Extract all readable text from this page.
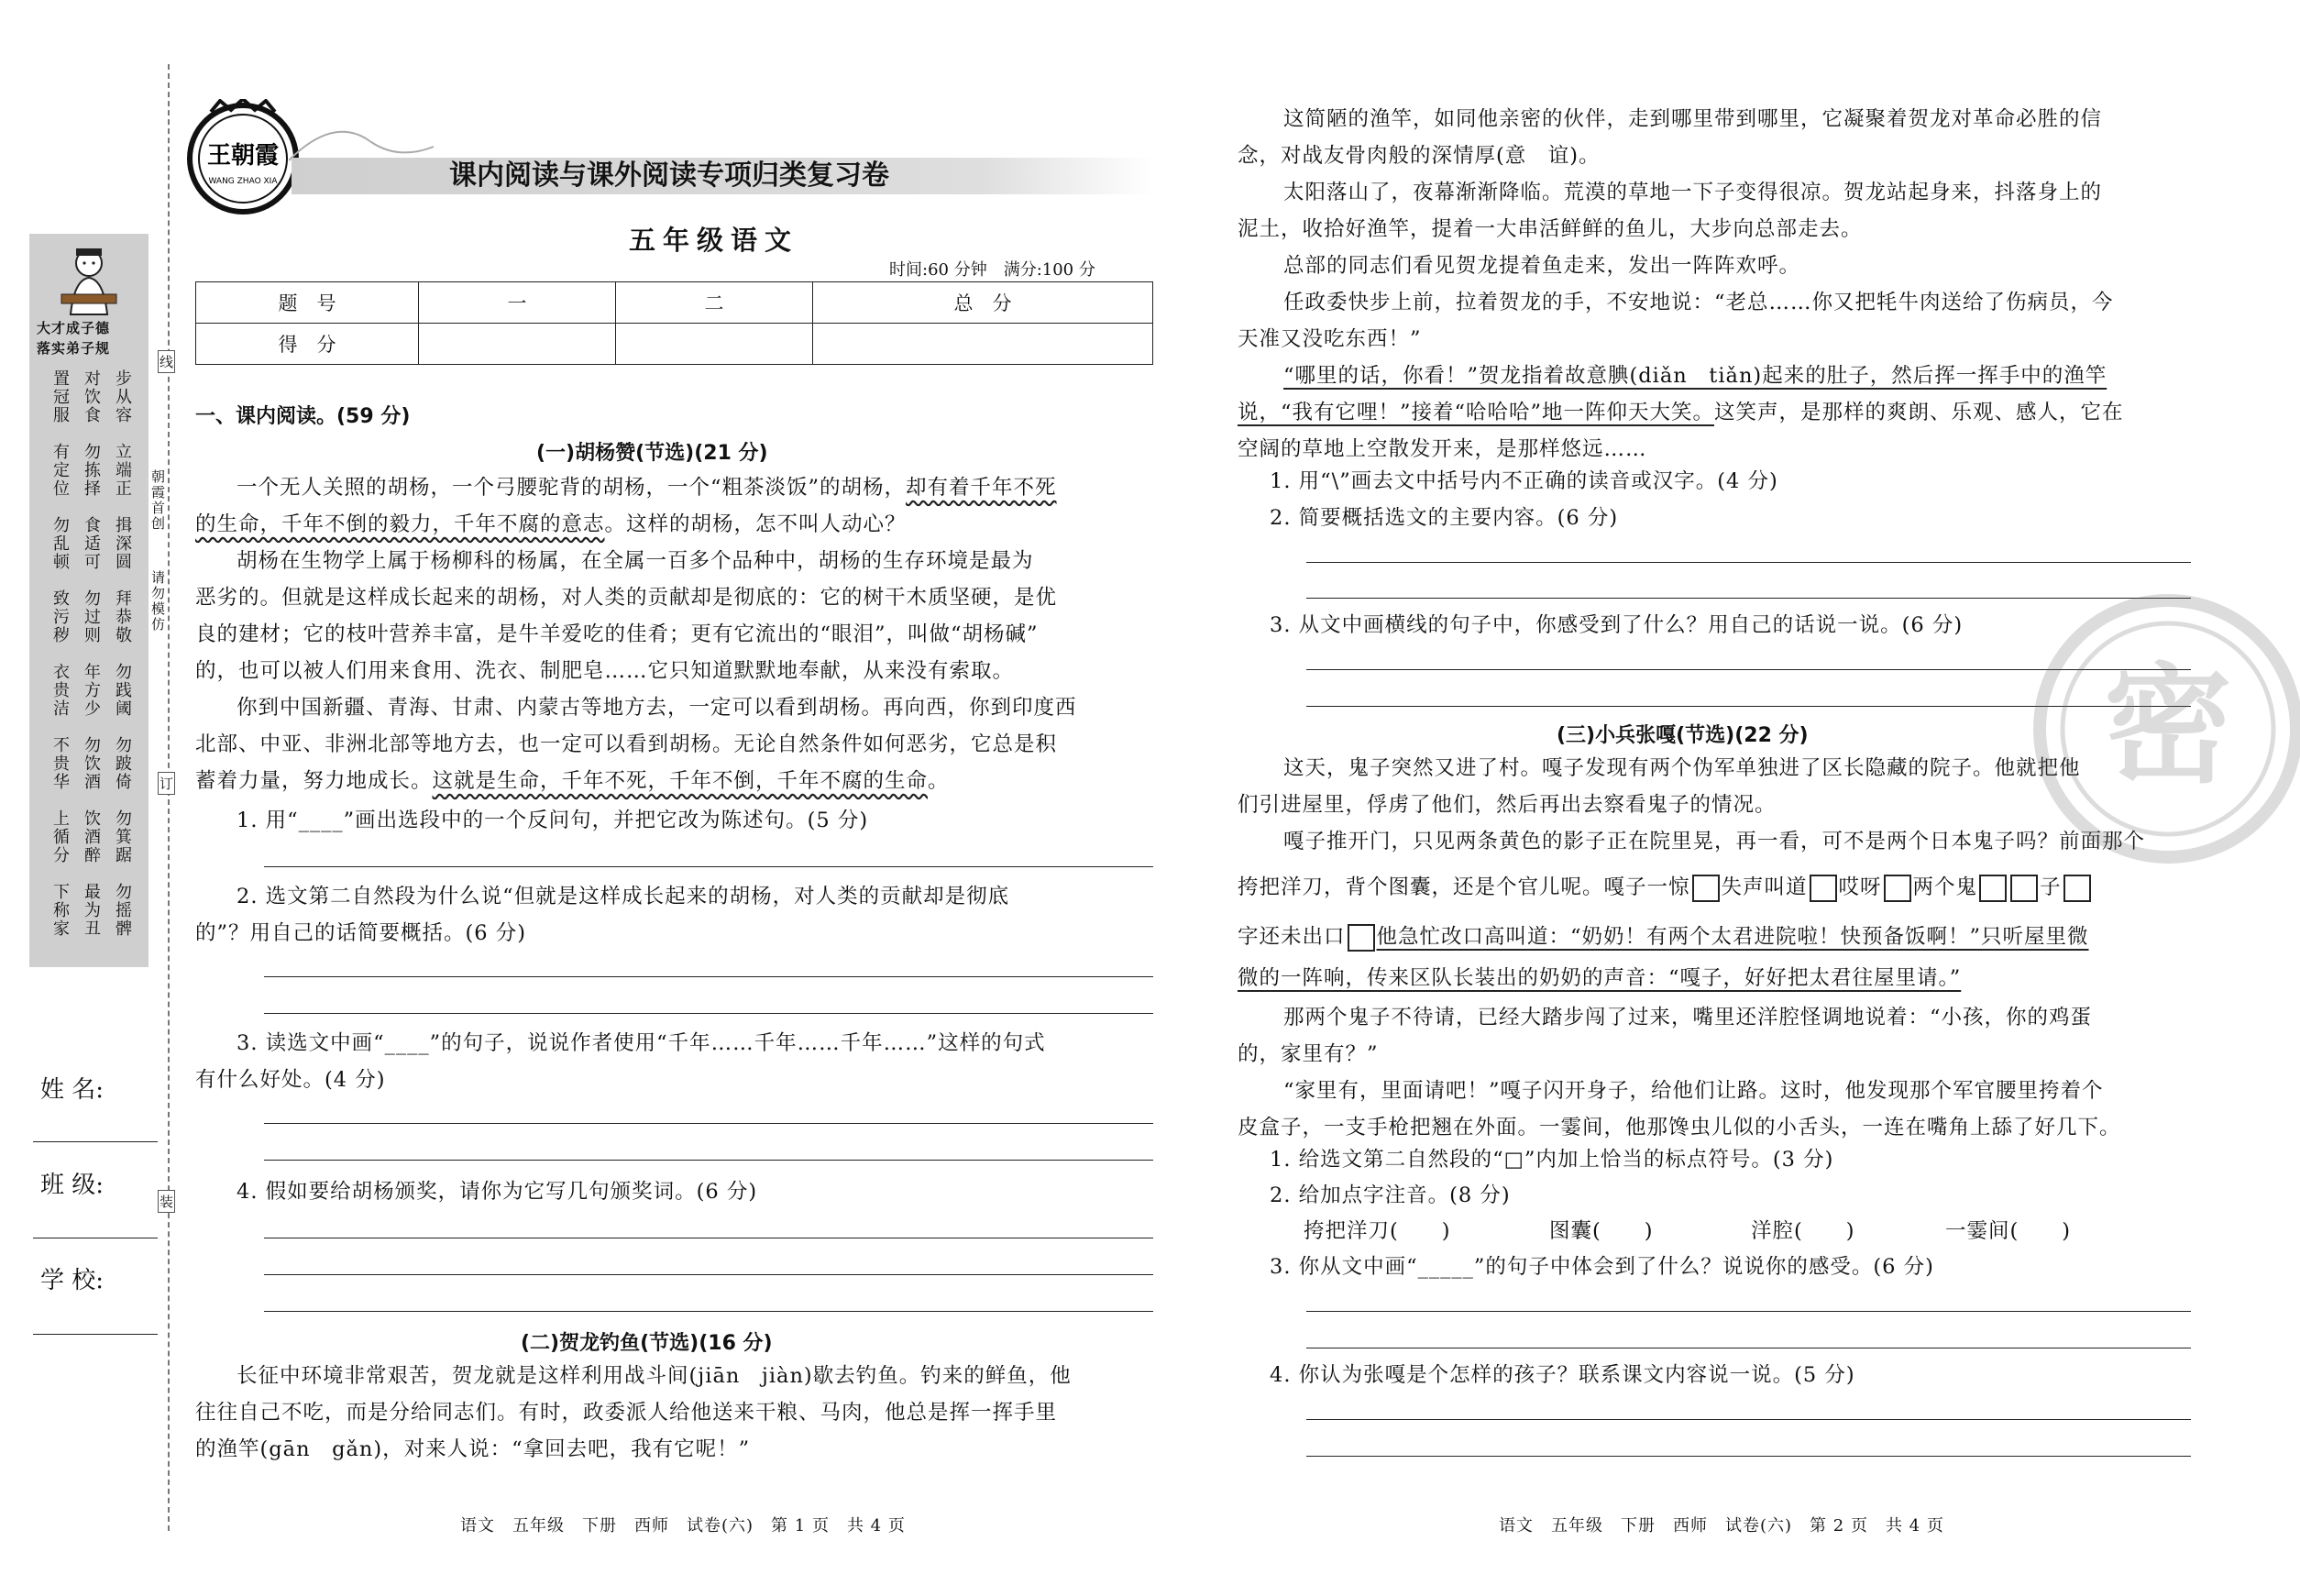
线
订
装
朝霞首创
请勿模仿
大才成子德
落实弟子规
步从容
对饮食
置冠服
立端正
勿拣择
有定位
揖深圆
食适可
勿乱顿
拜恭敬
勿过则
致污秽
勿践阈
年方少
衣贵洁
勿跛倚
勿饮酒
不贵华
勿箕踞
饮酒醉
上循分
勿摇髀
最为丑
下称家
姓 名:
班 级:
学 校:
王朝霞
WANG ZHAO XIA	课内阅读与课外阅读专项归类复习卷
五年级语文
时间:60 分钟　满分:100 分
题　号	一	二	总　分
得　分			
一、课内阅读。(59 分)
(一)胡杨赞(节选)(21 分)
一个无人关照的胡杨，一个弓腰驼背的胡杨，一个“粗茶淡饭”的胡杨，却有着千年不死
的生命，千年不倒的毅力，千年不腐的意志。这样的胡杨，怎不叫人动心？
胡杨在生物学上属于杨柳科的杨属，在全属一百多个品种中，胡杨的生存环境是最为
恶劣的。但就是这样成长起来的胡杨，对人类的贡献却是彻底的：它的树干木质坚硬，是优
良的建材；它的枝叶营养丰富，是牛羊爱吃的佳肴；更有它流出的“眼泪”，叫做“胡杨碱”
的，也可以被人们用来食用、洗衣、制肥皂……它只知道默默地奉献，从来没有索取。
你到中国新疆、青海、甘肃、内蒙古等地方去，一定可以看到胡杨。再向西，你到印度西
北部、中亚、非洲北部等地方去，也一定可以看到胡杨。无论自然条件如何恶劣，它总是积
蓄着力量，努力地成长。这就是生命，千年不死，千年不倒，千年不腐的生命。
1. 用“____”画出选段中的一个反问句，并把它改为陈述句。(5 分)
2. 选文第二自然段为什么说“但就是这样成长起来的胡杨，对人类的贡献却是彻底
的”？用自己的话简要概括。(6 分)
3. 读选文中画“____”的句子，说说作者使用“千年……千年……千年……”这样的句式
有什么好处。(4 分)
4. 假如要给胡杨颁奖，请你为它写几句颁奖词。(6 分)
(二)贺龙钓鱼(节选)(16 分)
长征中环境非常艰苦，贺龙就是这样利用战斗间(jiān　jiàn)歇去钓鱼。钓来的鲜鱼，他
往往自己不吃，而是分给同志们。有时，政委派人给他送来干粮、马肉，他总是挥一挥手里
的渔竿(gān　gǎn)，对来人说：“拿回去吧，我有它呢！”
语文　五年级　下册　西师　试卷(六)　第 1 页　共 4 页
这简陋的渔竿，如同他亲密的伙伴，走到哪里带到哪里，它凝聚着贺龙对革命必胜的信
念，对战友骨肉般的深情厚(意　谊)。
太阳落山了，夜幕渐渐降临。荒漠的草地一下子变得很凉。贺龙站起身来，抖落身上的
泥土，收拾好渔竿，提着一大串活鲜鲜的鱼儿，大步向总部走去。
总部的同志们看见贺龙提着鱼走来，发出一阵阵欢呼。
任政委快步上前，拉着贺龙的手，不安地说：“老总……你又把牦牛肉送给了伤病员，今
天准又没吃东西！”
“哪里的话，你看！”贺龙指着故意腆(diǎn　tiǎn)起来的肚子，然后挥一挥手中的渔竿
说，“我有它哩！”接着“哈哈哈”地一阵仰天大笑。这笑声，是那样的爽朗、乐观、感人，它在
空阔的草地上空散发开来，是那样悠远……
1. 用“\”画去文中括号内不正确的读音或汉字。(4 分)
2. 简要概括选文的主要内容。(6 分)
3. 从文中画横线的句子中，你感受到了什么？用自己的话说一说。(6 分)
(三)小兵张嘎(节选)(22 分)
这天，鬼子突然又进了村。嘎子发现有两个伪军单独进了区长隐藏的院子。他就把他
们引进屋里，俘虏了他们，然后再出去察看鬼子的情况。
嘎子推开门，只见两条黄色的影子正在院里晃，再一看，可不是两个日本鬼子吗？前面那个
挎把洋刀，背个图囊，还是个官儿呢。嘎子一惊 失声叫道 哎呀 两个鬼	子
字还未出口 他急忙改口高叫道：“奶奶！有两个太君进院啦！快预备饭啊！”只听屋里微
微的一阵响，传来区队长装出的奶奶的声音：“嘎子，好好把太君往屋里请。”
那两个鬼子不待请，已经大踏步闯了过来，嘴里还洋腔怪调地说着：“小孩，你的鸡蛋
的，家里有？”
“家里有，里面请吧！”嘎子闪开身子，给他们让路。这时，他发现那个军官腰里挎着个
皮盒子，一支手枪把翘在外面。一霎间，他那馋虫儿似的小舌头，一连在嘴角上舔了好几下。
1. 给选文第二自然段的“□”内加上恰当的标点符号。(3 分)
2. 给加点字注音。(8 分)
挎把洋刀(　　)	图囊(　　)	洋腔(　　)	一霎间(　　)
3. 你从文中画“_____”的句子中体会到了什么？说说你的感受。(6 分)
4. 你认为张嘎是个怎样的孩子？联系课文内容说一说。(5 分)
语文　五年级　下册　西师　试卷(六)　第 2 页　共 4 页
密
